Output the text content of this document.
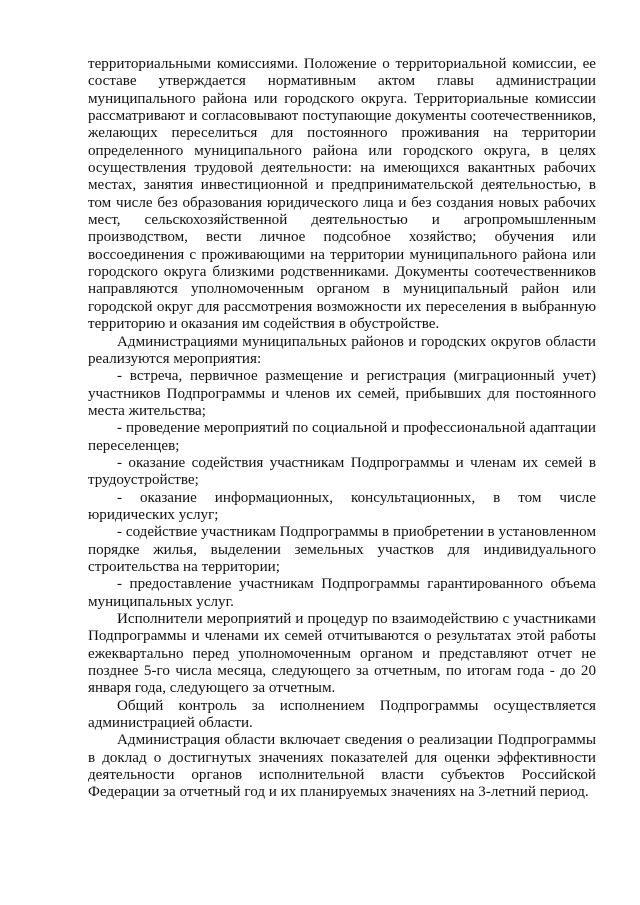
территориальными комиссиями. Положение о территориальной комиссии, ее составе утверждается нормативным актом главы администрации муниципального района или городского округа. Территориальные комиссии рассматривают и согласовывают поступающие документы соотечественников, желающих переселиться для постоянного проживания на территории определенного муниципального района или городского округа, в целях осуществления трудовой деятельности: на имеющихся вакантных рабочих местах, занятия инвестиционной и предпринимательской деятельностью, в том числе без образования юридического лица и без создания новых рабочих мест, сельскохозяйственной деятельностью и агропромышленным производством, вести личное подсобное хозяйство; обучения или воссоединения с проживающими на территории муниципального района или городского округа близкими родственниками. Документы соотечественников направляются уполномоченным органом в муниципальный район или городской округ для рассмотрения возможности их переселения в выбранную территорию и оказания им содействия в обустройстве.

Администрациями муниципальных районов и городских округов области реализуются мероприятия:

- встреча, первичное размещение и регистрация (миграционный учет) участников Подпрограммы и членов их семей, прибывших для постоянного места жительства;

- проведение мероприятий по социальной и профессиональной адаптации переселенцев;

- оказание содействия участникам Подпрограммы и членам их семей в трудоустройстве;

- оказание информационных, консультационных, в том числе юридических услуг;

- содействие участникам Подпрограммы в приобретении в установленном порядке жилья, выделении земельных участков для индивидуального строительства на территории;

- предоставление участникам Подпрограммы гарантированного объема муниципальных услуг.

Исполнители мероприятий и процедур по взаимодействию с участниками Подпрограммы и членами их семей отчитываются о результатах этой работы ежеквартально перед уполномоченным органом и представляют отчет не позднее 5-го числа месяца, следующего за отчетным, по итогам года - до 20 января года, следующего за отчетным.

Общий контроль за исполнением Подпрограммы осуществляется администрацией области.

Администрация области включает сведения о реализации Подпрограммы в доклад о достигнутых значениях показателей для оценки эффективности деятельности органов исполнительной власти субъектов Российской Федерации за отчетный год и их планируемых значениях на 3-летний период.
